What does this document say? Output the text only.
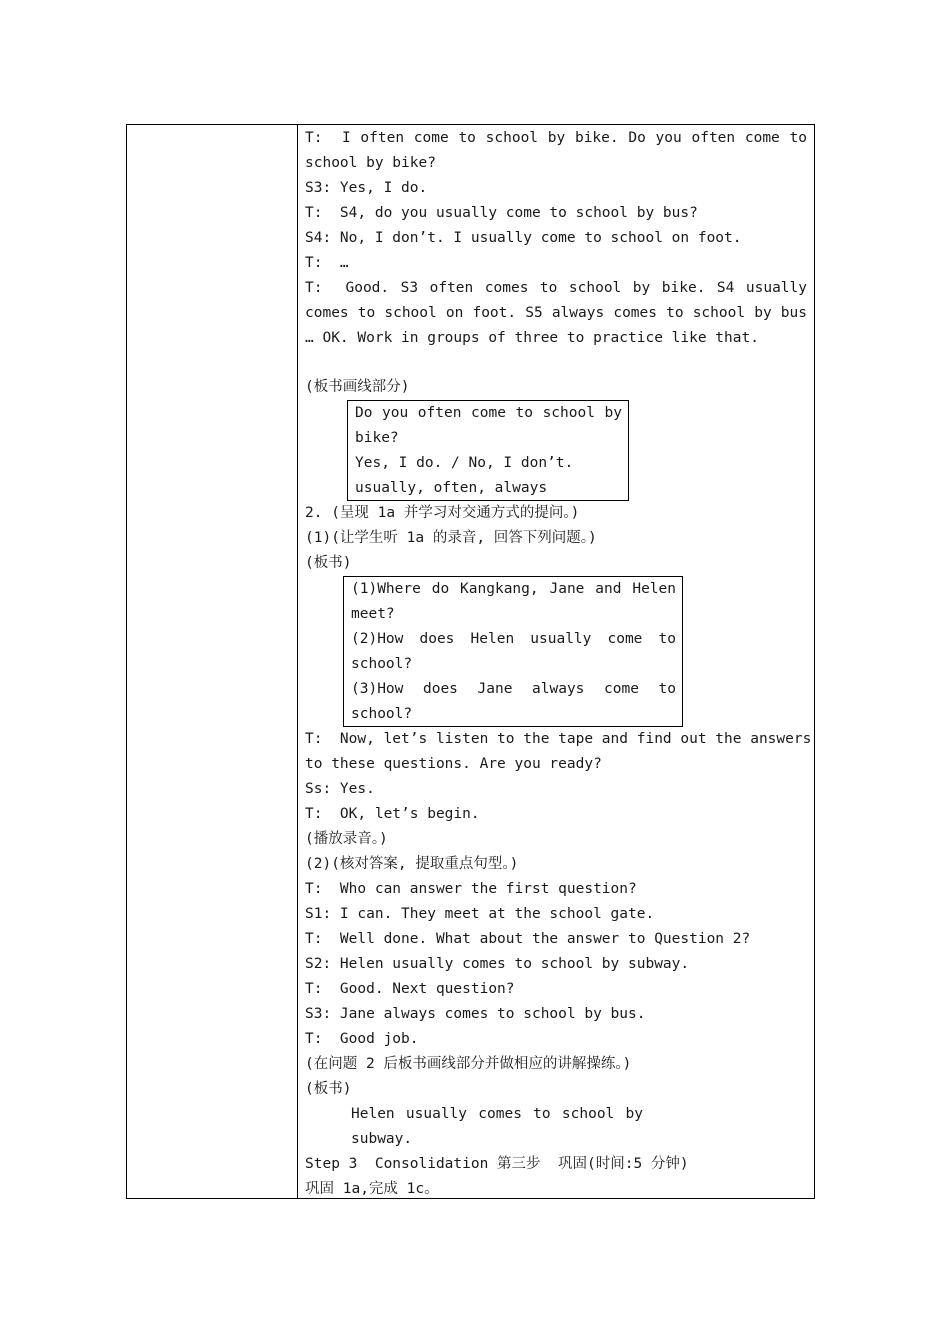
T:  I often come to school by bike. Do you often come to
school by bike?
S3: Yes, I do.
T:  S4, do you usually come to school by bus?
S4: No, I don’t. I usually come to school on foot.
T:  …
T:  Good. S3 often comes to school by bike. S4 usually
comes to school on foot. S5 always comes to school by bus
… OK. Work in groups of three to practice like that.
(板书画线部分)
Do you often come to school by
bike?
Yes, I do. / No, I don’t.
usually, often, always
2. (呈现 1a 并学习对交通方式的提问。)
(1)(让学生听 1a 的录音, 回答下列问题。)
(板书)
(1)Where do Kangkang, Jane and Helen
meet?
(2)How does Helen usually come to
school?
(3)How does Jane always come to
school?
T:  Now, let’s listen to the tape and find out the answers
to these questions. Are you ready?
Ss: Yes.
T:  OK, let’s begin.
(播放录音。)
(2)(核对答案, 提取重点句型。)
T:  Who can answer the first question?
S1: I can. They meet at the school gate.
T:  Well done. What about the answer to Question 2?
S2: Helen usually comes to school by subway.
T:  Good. Next question?
S3: Jane always comes to school by bus.
T:  Good job.
(在问题 2 后板书画线部分并做相应的讲解操练。)
(板书)
Helen usually comes to school by
subway.
Step 3  Consolidation 第三步  巩固(时间:5 分钟)
巩固 1a,完成 1c。
